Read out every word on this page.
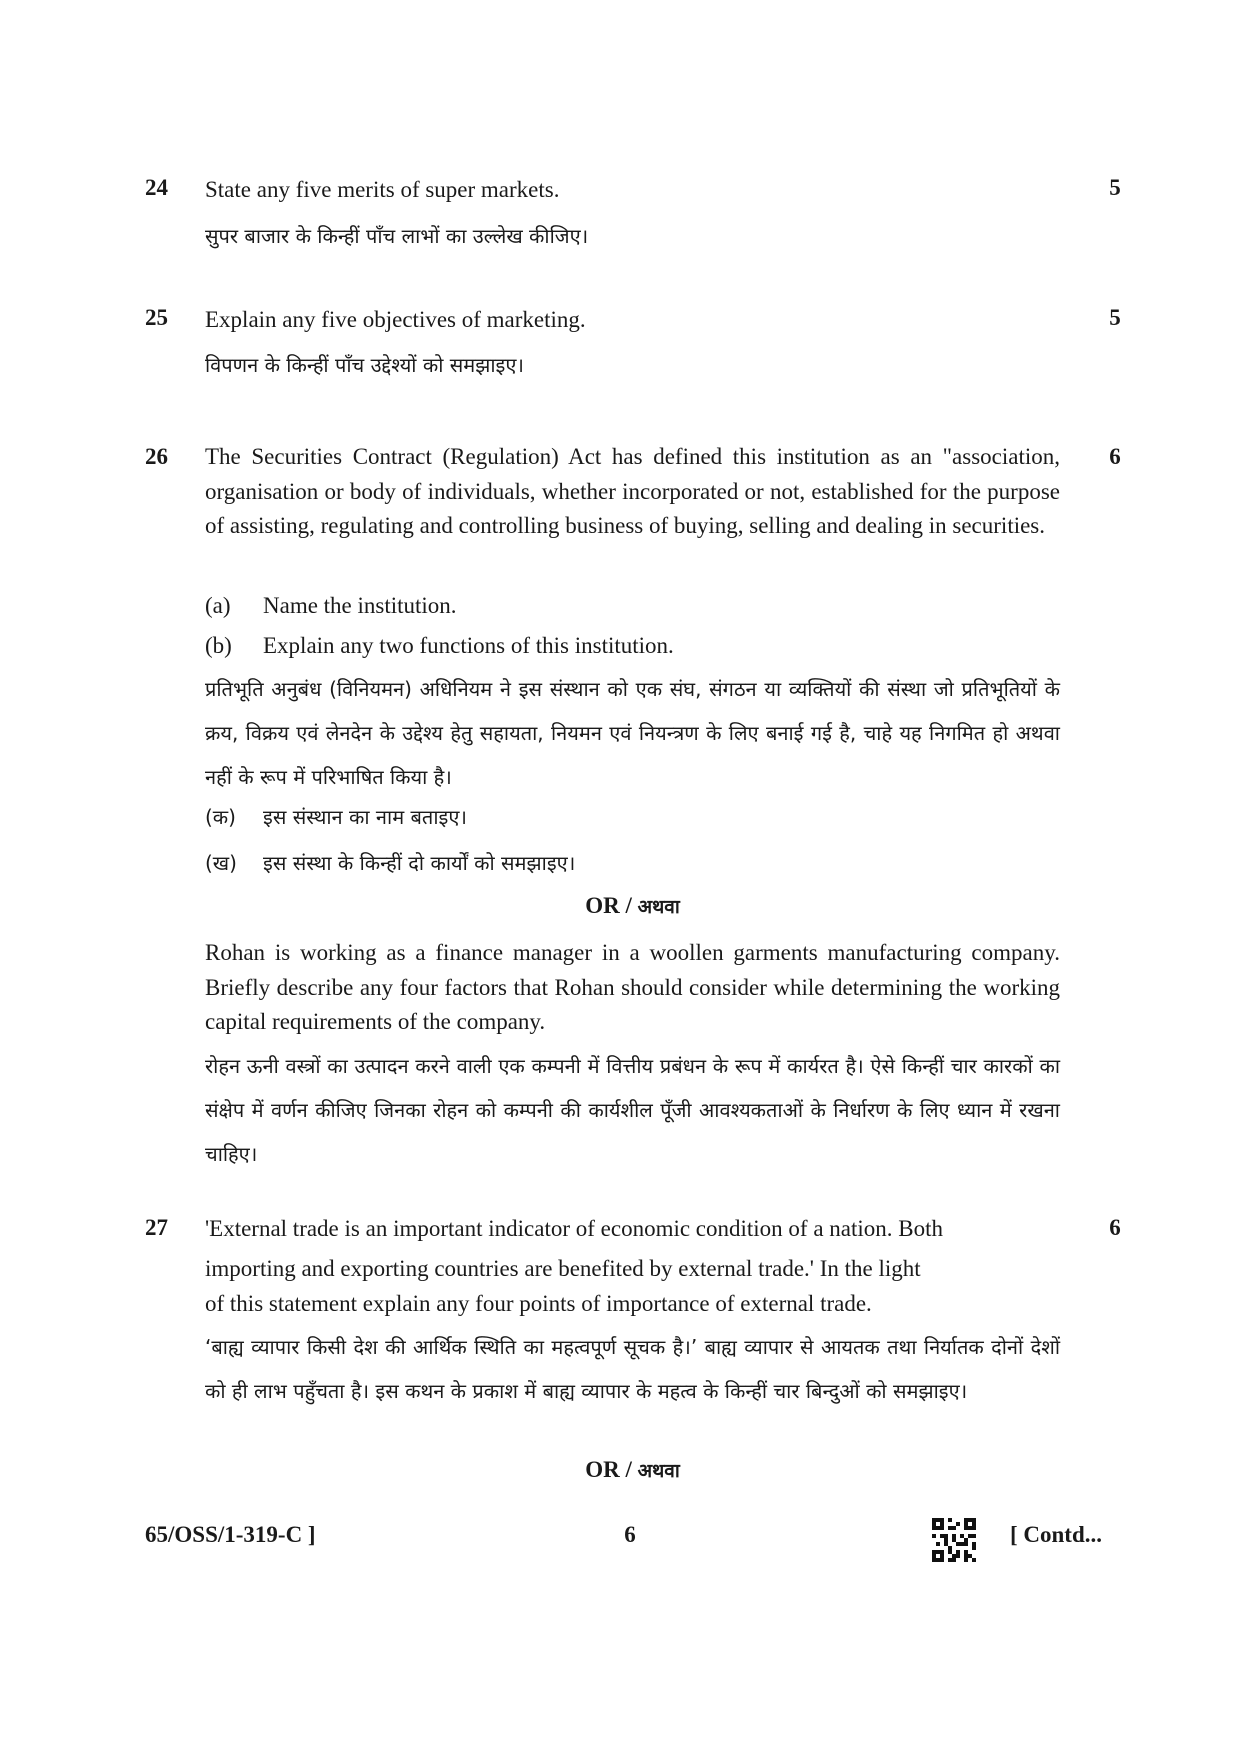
24 State any five merits of super markets.	5
सुपर बाजार के किन्हीं पाँच लाभों का उल्लेख कीजिए।
25 Explain any five objectives of marketing.	5
विपणन के किन्हीं पाँच उद्देश्यों को समझाइए।
26 The Securities Contract (Regulation) Act has defined this institution as an "association, organisation or body of individuals, whether incorporated or not, established for the purpose of assisting, regulating and controlling business of buying, selling and dealing in securities.
6
(a) Name the institution.
(b) Explain any two functions of this institution.
प्रतिभूति अनुबंध (विनियमन) अधिनियम ने इस संस्थान को एक संघ, संगठन या व्यक्तियों की संस्था जो प्रतिभूतियों के क्रय, विक्रय एवं लेनदेन के उद्देश्य हेतु सहायता, नियमन एवं नियन्त्रण के लिए बनाई गई है, चाहे यह निगमित हो अथवा नहीं के रूप में परिभाषित किया है।
(क) इस संस्थान का नाम बताइए।
(ख) इस संस्था के किन्हीं दो कार्यों को समझाइए।
OR / अथवा
Rohan is working as a finance manager in a woollen garments manufacturing company. Briefly describe any four factors that Rohan should consider while determining the working capital requirements of the company.
रोहन ऊनी वस्त्रों का उत्पादन करने वाली एक कम्पनी में वित्तीय प्रबंधन के रूप में कार्यरत है। ऐसे किन्हीं चार कारकों का संक्षेप में वर्णन कीजिए जिनका रोहन को कम्पनी की कार्यशील पूँजी आवश्यकताओं के निर्धारण के लिए ध्यान में रखना चाहिए।
27 'External trade is an important indicator of economic condition of a nation. Both
importing and exporting countries are benefited by external trade.' In the light
of this statement explain any four points of importance of external trade.
6
‘बाह्य व्यापार किसी देश की आर्थिक स्थिति का महत्वपूर्ण सूचक है।’ बाह्य व्यापार से आयतक तथा निर्यातक दोनों देशों को ही लाभ पहुँचता है। इस कथन के प्रकाश में बाह्य व्यापार के महत्व के किन्हीं चार बिन्दुओं को समझाइए।
OR / अथवा
65/OSS/1-319-C ]	6	[ Contd...
